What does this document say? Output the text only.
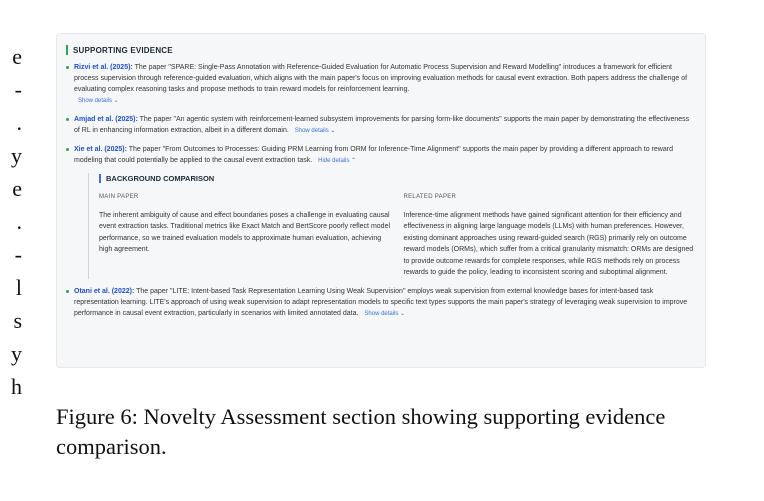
e
-
.
y
e
.
-
l
s
y
h
SUPPORTING EVIDENCE
Rizvi et al. (2025): The paper "SPARE: Single-Pass Annotation with Reference-Guided Evaluation for Automatic Process Supervision and Reward Modelling" introduces a framework for efficient process supervision through reference-guided evaluation, which aligns with the main paper's focus on improving evaluation methods for causal event extraction. Both papers address the challenge of evaluating complex reasoning tasks and propose methods to train reward models for reinforcement learning.
Show details ⌄
Amjad et al. (2025): The paper "An agentic system with reinforcement-learned subsystem improvements for parsing form-like documents" supports the main paper by demonstrating the effectiveness of RL in enhancing information extraction, albeit in a different domain. Show details ⌄
Xie et al. (2025): The paper "From Outcomes to Processes: Guiding PRM Learning from ORM for Inference-Time Alignment" supports the main paper by providing a different approach to reward modeling that could potentially be applied to the causal event extraction task. Hide details ⌃
BACKGROUND COMPARISON
MAIN PAPER
The inherent ambiguity of cause and effect boundaries poses a challenge in evaluating causal event extraction tasks. Traditional metrics like Exact Match and BertScore poorly reflect model performance, so we trained evaluation models to approximate human evaluation, achieving high agreement.
RELATED PAPER
Inference-time alignment methods have gained significant attention for their efficiency and effectiveness in aligning large language models (LLMs) with human preferences. However, existing dominant approaches using reward-guided search (RGS) primarily rely on outcome reward models (ORMs), which suffer from a critical granularity mismatch: ORMs are designed to provide outcome rewards for complete responses, while RGS methods rely on process rewards to guide the policy, leading to inconsistent scoring and suboptimal alignment.
Otani et al. (2022): The paper "LITE: Intent-based Task Representation Learning Using Weak Supervision" employs weak supervision from external knowledge bases for intent-based task representation learning. LITE's approach of using weak supervision to adapt representation models to specific text types supports the main paper's strategy of leveraging weak supervision to improve performance in causal event extraction, particularly in scenarios with limited annotated data. Show details ⌄
Figure 6: Novelty Assessment section showing supporting evidence comparison.
